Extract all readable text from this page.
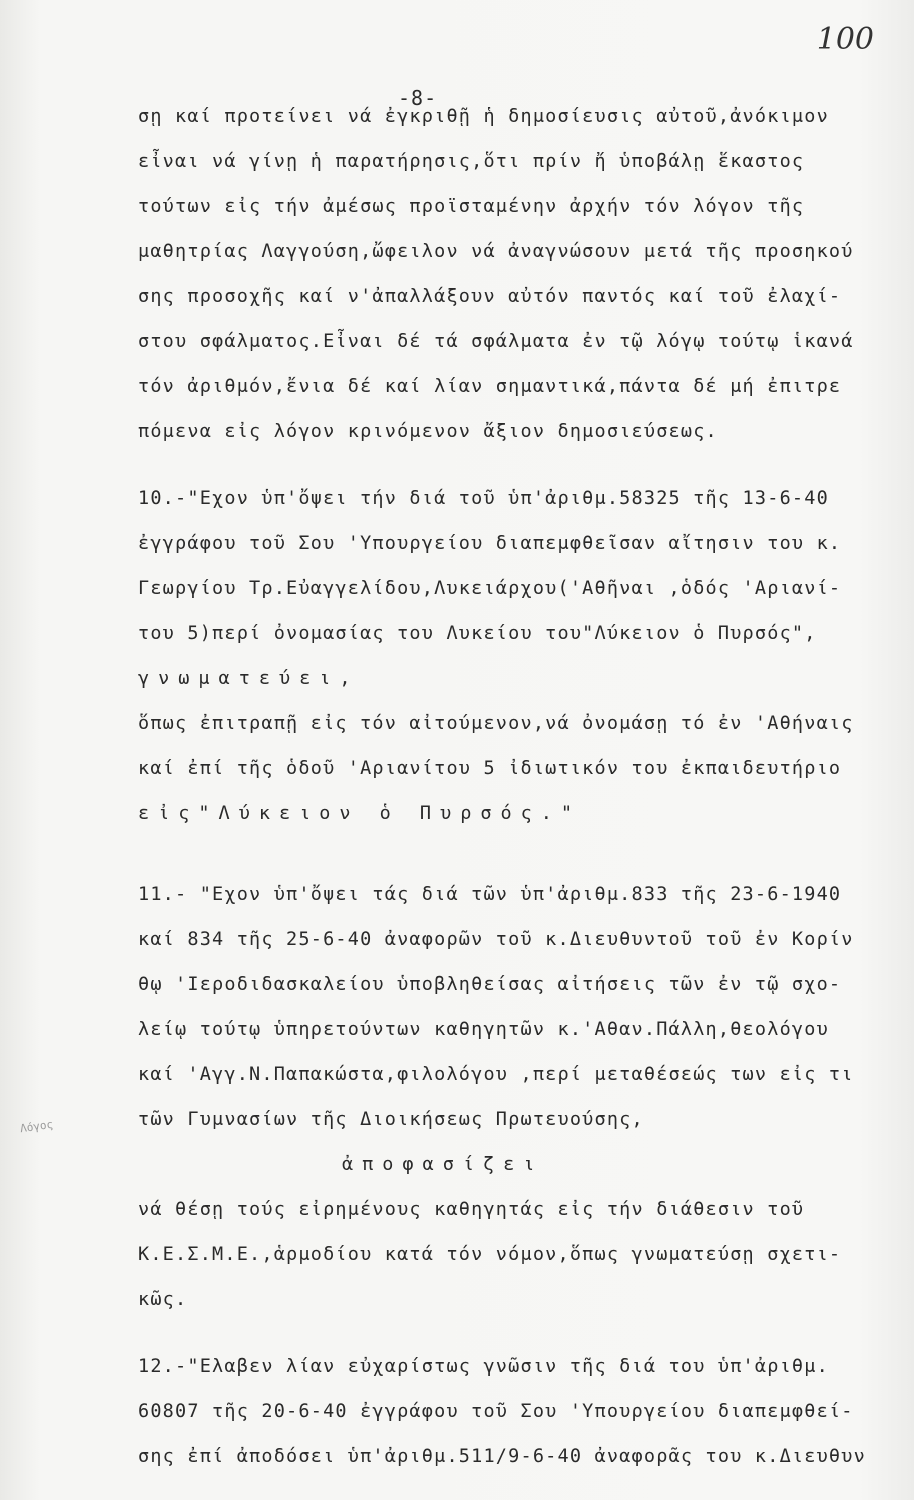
100
-8-
σῃ καί προτείνει νά ἐγκριθῇ ἡ δημοσίευσις αὐτοῦ,ἀνόκιμον
εἶναι νά γίνῃ ἡ παρατήρησις,ὅτι πρίν ἤ ὑποβάλῃ ἕκαστος
τούτων εἰς τήν ἀμέσως προϊσταμένην ἀρχήν τόν λόγον τῆς
μαθητρίας Λαγγούση,ὤφειλον νά ἀναγνώσουν μετά τῆς προσηκού
σης προσοχῆς καί ν'ἀπαλλάξουν αὐτόν παντός καί τοῦ ἐλαχί-
στου σφάλματος.Εἶναι δέ τά σφάλματα ἐν τῷ λόγῳ τούτῳ ἱκανά
τόν ἀριθμόν,ἔνια δέ καί λίαν σημαντικά,πάντα δέ μή ἐπιτρε
πόμενα εἰς λόγον κρινόμενον ἄξιον δημοσιεύσεως.
10.-"Εχον ὑπ'ὄψει τήν διά τοῦ ὑπ'ἀριθμ.58325 τῆς 13-6-40
ἐγγράφου τοῦ Σου 'Υπουργείου διαπεμφθεῖσαν αἴτησιν του κ.
Γεωργίου Τρ.Εὐαγγελίδου,Λυκειάρχου('Αθῆναι ,ὁδός 'Αριανί-
του 5)περί ὀνομασίας του Λυκείου του"Λύκειον ὁ Πυρσός",
γνωματεύει,
ὅπως ἐπιτραπῇ εἰς τόν αἰτούμενον,νά ὀνομάσῃ τό ἐν 'Αθήναις
καί ἐπί τῆς ὁδοῦ 'Αριανίτου 5 ἰδιωτικόν του ἐκπαιδευτήριο
εἰς"Λύκειον ὁ Πυρσός."
11.- "Εχον ὑπ'ὄψει τάς διά τῶν ὑπ'ἀριθμ.833 τῆς 23-6-1940
καί 834 τῆς 25-6-40 ἀναφορῶν τοῦ κ.Διευθυντοῦ τοῦ ἐν Κορίν
θῳ 'Ιεροδιδασκαλείου ὑποβληθείσας αἰτήσεις τῶν ἐν τῷ σχο-
λείῳ τούτῳ ὑπηρετούντων καθηγητῶν κ.'Αθαν.Πάλλη,θεολόγου
καί 'Αγγ.Ν.Παπακώστα,φιλολόγου ,περί μεταθέσεώς των εἰς τι
τῶν Γυμνασίων τῆς Διοικήσεως Πρωτευούσης,
ἀποφασίζει
νά θέσῃ τούς εἰρημένους καθηγητάς εἰς τήν διάθεσιν τοῦ
Κ.Ε.Σ.Μ.Ε.,ἁρμοδίου κατά τόν νόμον,ὅπως γνωματεύσῃ σχετι-
κῶς.
12.-"Ελαβεν λίαν εὐχαρίστως γνῶσιν τῆς διά του ὑπ'ἀριθμ.
60807 τῆς 20-6-40 ἐγγράφου τοῦ Σου 'Υπουργείου διαπεμφθεί-
σης ἐπί ἀποδόσει ὑπ'ἀριθμ.511/9-6-40 ἀναφορᾶς του κ.Διευθυν
Λόγος
